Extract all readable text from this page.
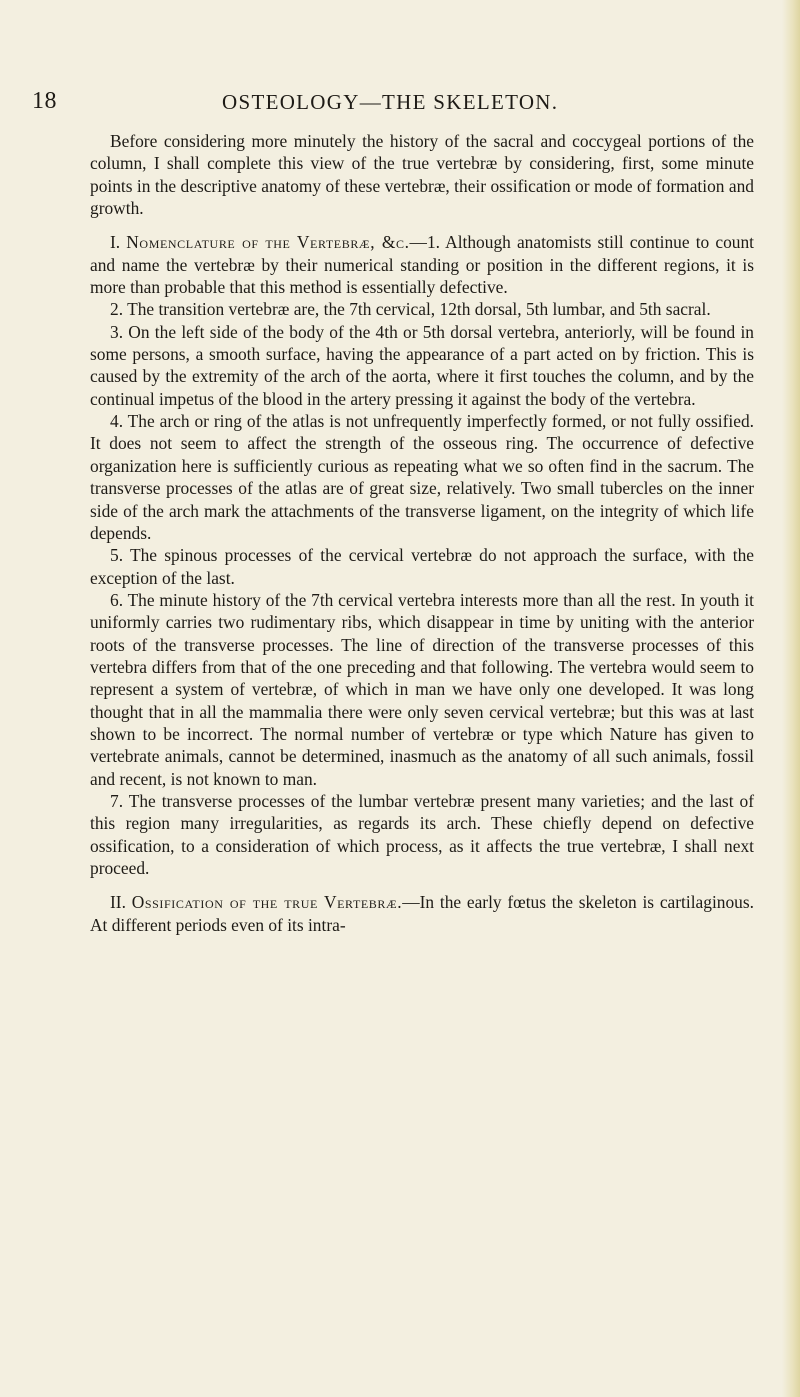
18	OSTEOLOGY—THE SKELETON.

Before considering more minutely the history of the sacral and coccygeal portions of the column, I shall complete this view of the true vertebræ by considering, first, some minute points in the descriptive anatomy of these vertebræ, their ossification or mode of formation and growth.

I. Nomenclature of the Vertebræ, &c.—1. Although anatomists still continue to count and name the vertebræ by their numerical standing or position in the different regions, it is more than probable that this method is essentially defective.

2. The transition vertebræ are, the 7th cervical, 12th dorsal, 5th lumbar, and 5th sacral.

3. On the left side of the body of the 4th or 5th dorsal vertebra, anteriorly, will be found in some persons, a smooth surface, having the appearance of a part acted on by friction. This is caused by the extremity of the arch of the aorta, where it first touches the column, and by the continual impetus of the blood in the artery pressing it against the body of the vertebra.

4. The arch or ring of the atlas is not unfrequently imperfectly formed, or not fully ossified. It does not seem to affect the strength of the osseous ring. The occurrence of defective organization here is sufficiently curious as repeating what we so often find in the sacrum. The transverse processes of the atlas are of great size, relatively. Two small tubercles on the inner side of the arch mark the attachments of the transverse ligament, on the integrity of which life depends.

5. The spinous processes of the cervical vertebræ do not approach the surface, with the exception of the last.

6. The minute history of the 7th cervical vertebra interests more than all the rest. In youth it uniformly carries two rudimentary ribs, which disappear in time by uniting with the anterior roots of the transverse processes. The line of direction of the transverse processes of this vertebra differs from that of the one preceding and that following. The vertebra would seem to represent a system of vertebræ, of which in man we have only one developed. It was long thought that in all the mammalia there were only seven cervical vertebræ; but this was at last shown to be incorrect. The normal number of vertebræ or type which Nature has given to vertebrate animals, cannot be determined, inasmuch as the anatomy of all such animals, fossil and recent, is not known to man.

7. The transverse processes of the lumbar vertebræ present many varieties; and the last of this region many irregularities, as regards its arch. These chiefly depend on defective ossification, to a consideration of which process, as it affects the true vertebræ, I shall next proceed.

II. Ossification of the true Vertebræ.—In the early fœtus the skeleton is cartilaginous. At different periods even of its intra-
